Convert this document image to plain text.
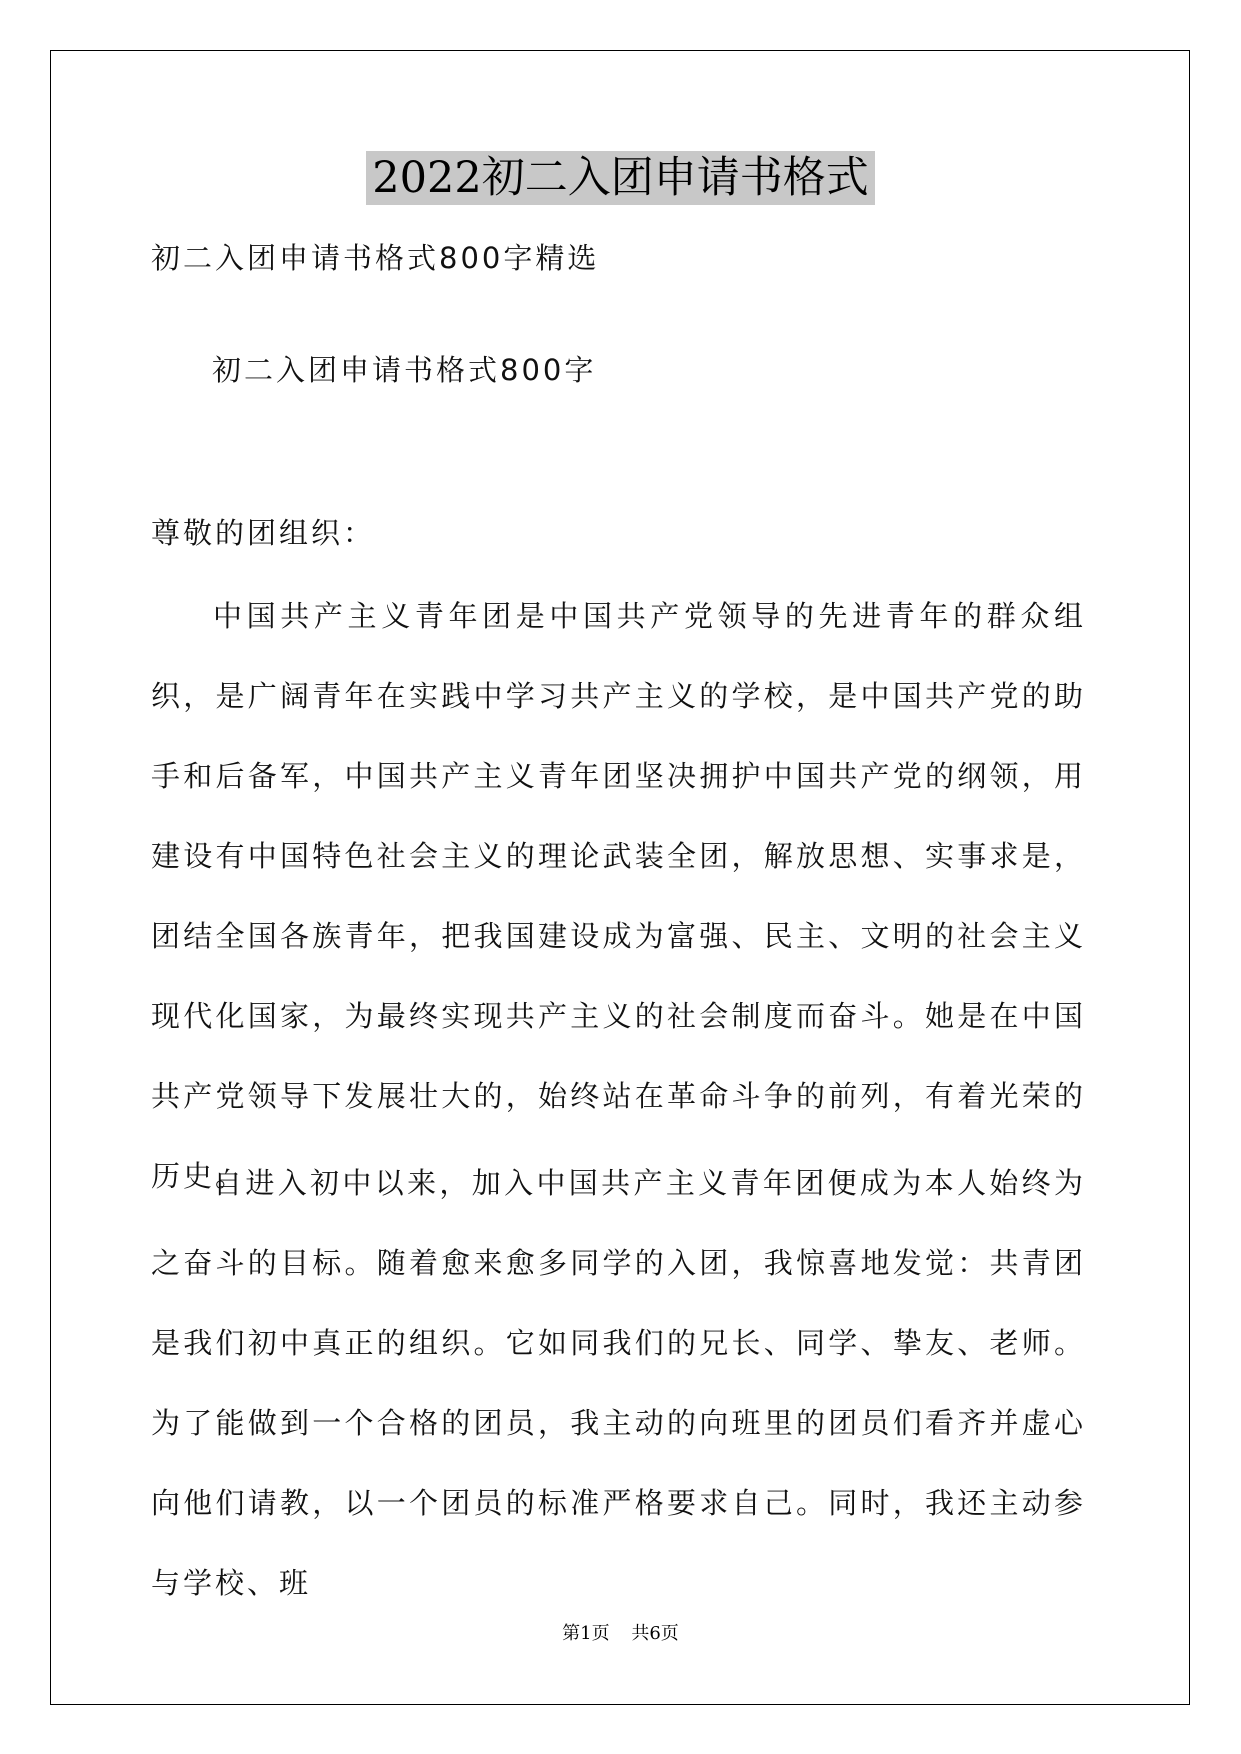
2022初二入团申请书格式
初二入团申请书格式800字精选
初二入团申请书格式800字
尊敬的团组织：
中国共产主义青年团是中国共产党领导的先进青年的群众组织，是广阔青年在实践中学习共产主义的学校，是中国共产党的助手和后备军，中国共产主义青年团坚决拥护中国共产党的纲领，用建设有中国特色社会主义的理论武装全团，解放思想、实事求是，团结全国各族青年，把我国建设成为富强、民主、文明的社会主义现代化国家，为最终实现共产主义的社会制度而奋斗。她是在中国共产党领导下发展壮大的，始终站在革命斗争的前列，有着光荣的历史。
自进入初中以来，加入中国共产主义青年团便成为本人始终为之奋斗的目标。随着愈来愈多同学的入团，我惊喜地发觉：共青团是我们初中真正的组织。它如同我们的兄长、同学、挚友、老师。为了能做到一个合格的团员，我主动的向班里的团员们看齐并虚心向他们请教，以一个团员的标准严格要求自己。同时，我还主动参与学校、班
第1页 共6页
